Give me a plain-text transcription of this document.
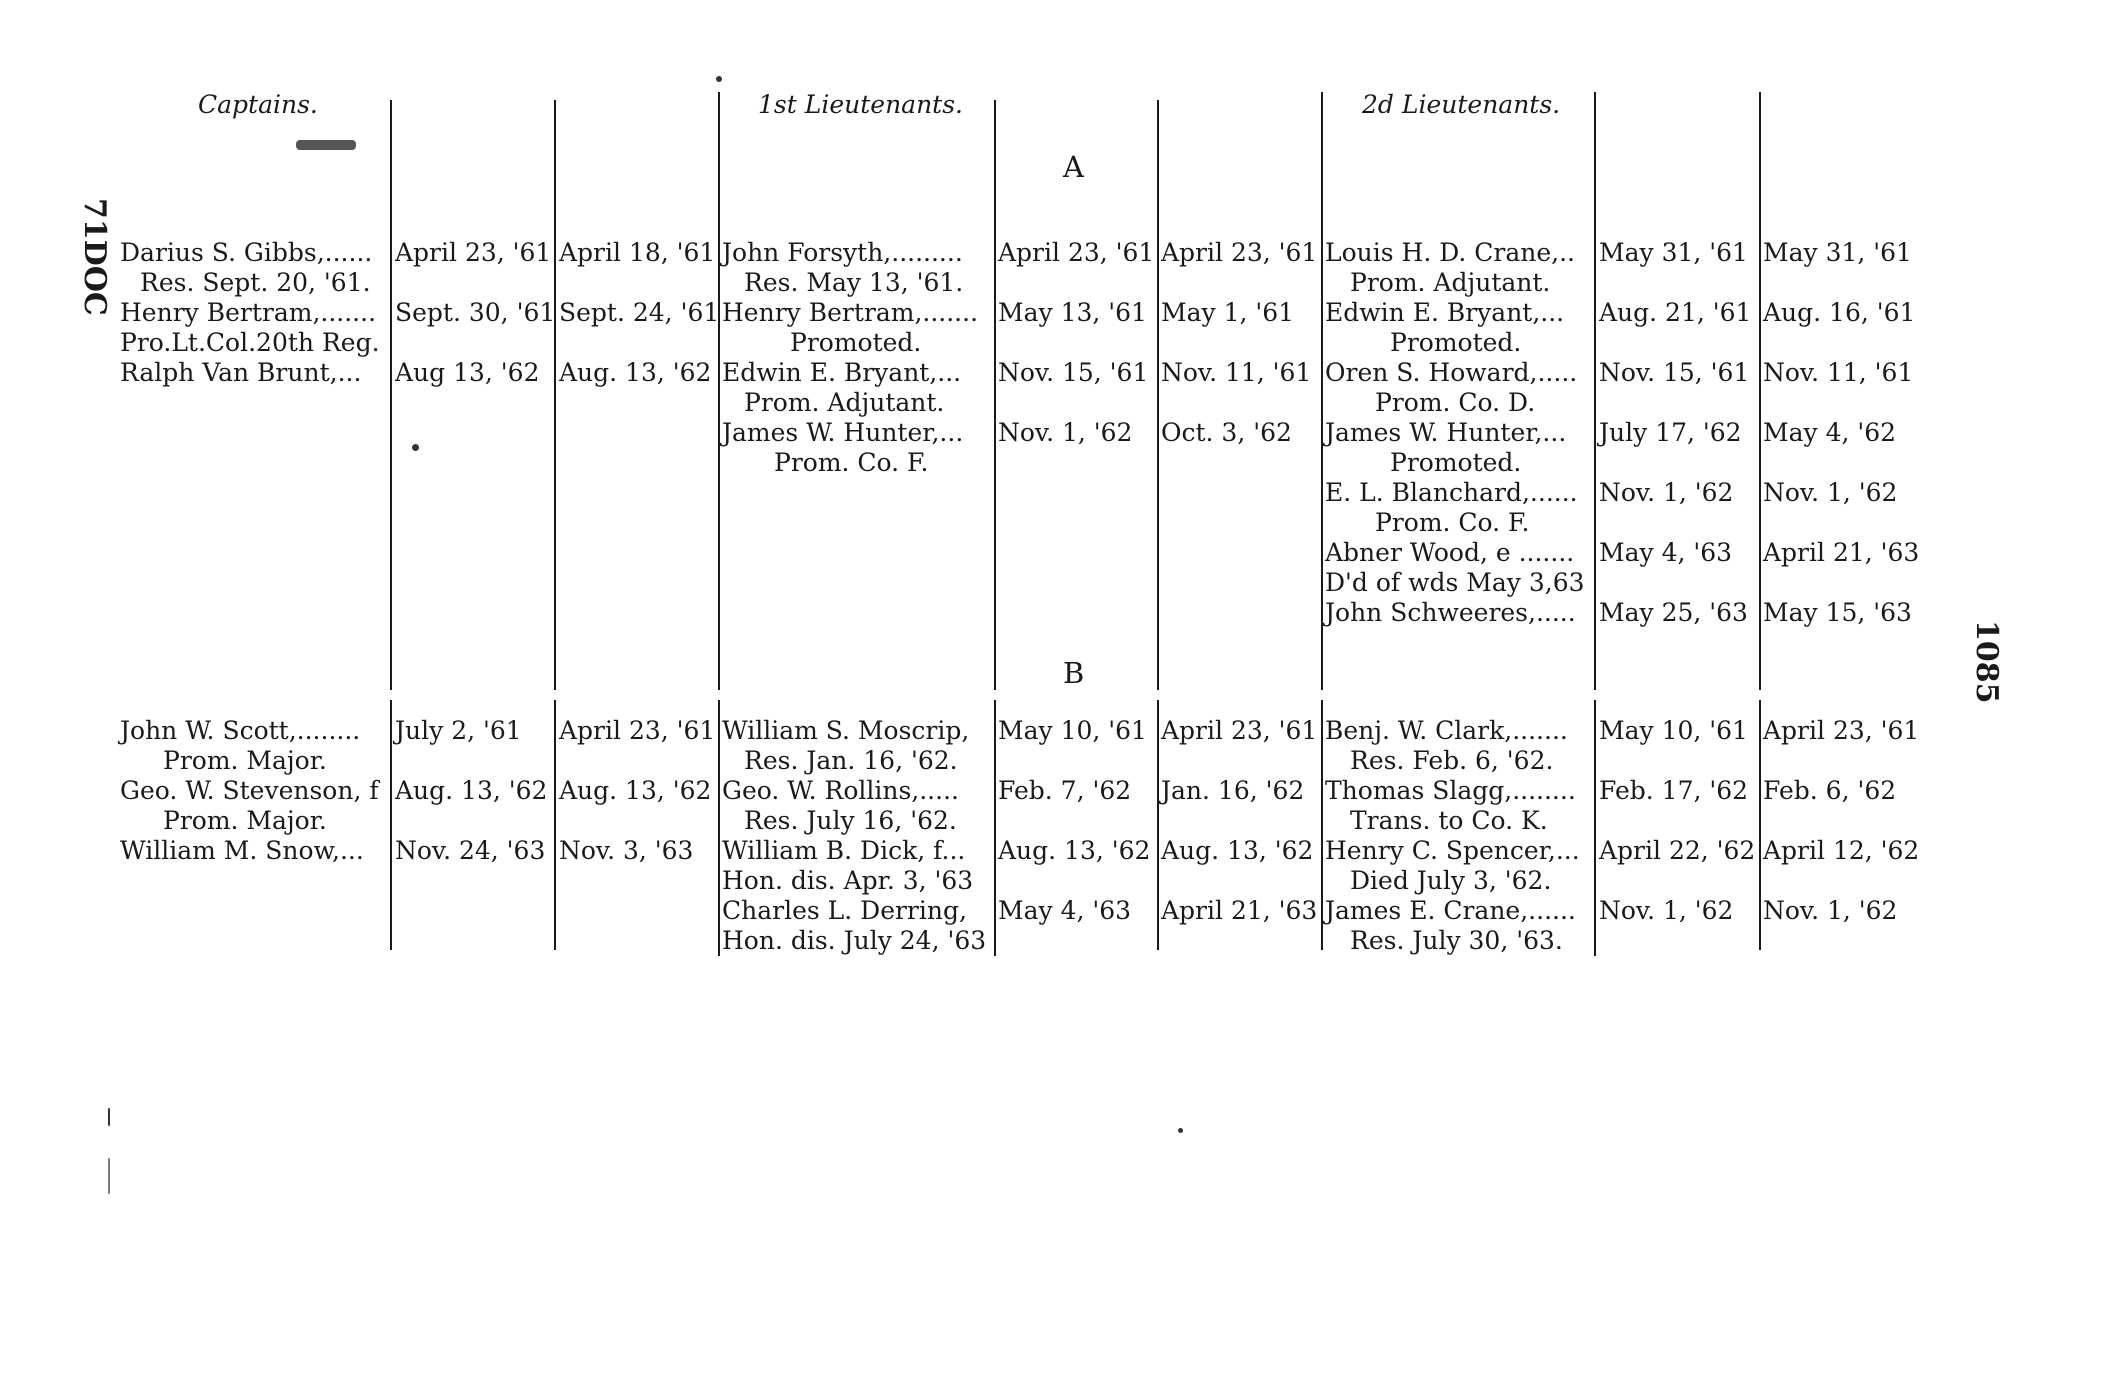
71DOC
1085
Captains.	1st Lieutenants.	2d Lieutenants.
A
B
Darius S. Gibbs,...... April 23, '61 April 18, '61
Res. Sept. 20, '61.
Henry Bertram,....... Sept. 30, '61 Sept. 24, '61
Pro.Lt.Col.20th Reg.
Ralph Van Brunt,... Aug 13, '62 Aug. 13, '62
John Forsyth,......... April 23, '61 April 23, '61
Res. May 13, '61.
Henry Bertram,....... May 13, '61 May 1, '61
Promoted.
Edwin E. Bryant,... Nov. 15, '61 Nov. 11, '61
Prom. Adjutant.
James W. Hunter,... Nov. 1, '62 Oct. 3, '62
Prom. Co. F.
Louis H. D. Crane,.. May 31, '61 May 31, '61
Prom. Adjutant.
Edwin E. Bryant,... Aug. 21, '61 Aug. 16, '61
Promoted.
Oren S. Howard,..... Nov. 15, '61 Nov. 11, '61
Prom. Co. D.
James W. Hunter,... July 17, '62 May 4, '62
Promoted.
E. L. Blanchard,...... Nov. 1, '62 Nov. 1, '62
Prom. Co. F.
Abner Wood, e ....... May 4, '63 April 21, '63
D'd of wds May 3,63
John Schweeres,..... May 25, '63 May 15, '63
John W. Scott,........ July 2, '61 April 23, '61
Prom. Major.
Geo. W. Stevenson, f Aug. 13, '62 Aug. 13, '62
Prom. Major.
William M. Snow,... Nov. 24, '63 Nov. 3, '63
William S. Moscrip, May 10, '61 April 23, '61
Res. Jan. 16, '62.
Geo. W. Rollins,..... Feb. 7, '62 Jan. 16, '62
Res. July 16, '62.
William B. Dick, f... Aug. 13, '62 Aug. 13, '62
Hon. dis. Apr. 3, '63
Charles L. Derring, May 4, '63 April 21, '63
Hon. dis. July 24, '63
Benj. W. Clark,....... May 10, '61 April 23, '61
Res. Feb. 6, '62.
Thomas Slagg,........ Feb. 17, '62 Feb. 6, '62
Trans. to Co. K.
Henry C. Spencer,... April 22, '62 April 12, '62
Died July 3, '62.
James E. Crane,...... Nov. 1, '62 Nov. 1, '62
Res. July 30, '63.
